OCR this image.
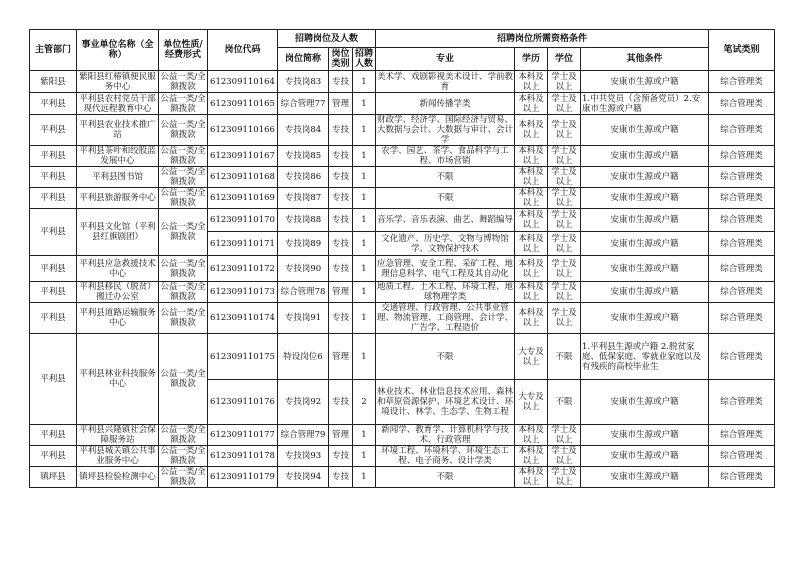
主管部门	事业单位名称（全称）	单位性质/经费形式	岗位代码	招聘岗位及人数			招聘岗位所需资格条件				笔试类别
				岗位简称	岗位类别	招聘人数	专业	学历	学位	其他条件	
紫阳县	紫阳县红椿镇便民服务中心	公益一类/全额拨款	612309110164	专技岗83	专技	1	美术学、戏剧影视美术设计、学前教育	本科及以上	学士及以上	安康市生源或户籍	综合管理类
平利县	平利县农村党员干部现代远程教育中心	公益一类/全额拨款	612309110165	综合管理77	管理	1	新闻传播学类	本科及以上	学士及以上	1.中共党员（含预备党员）2.安康市生源或户籍	综合管理类
平利县	平利县农业技术推广站	公益一类/全额拨款	612309110166	专技岗84	专技	1	财政学、经济学、国际经济与贸易、大数据与会计、大数据与审计、会计学	本科及以上	学士及以上	安康市生源或户籍	综合管理类
平利县	平利县茶叶和绞股蓝发展中心	公益一类/全额拨款	612309110167	专技岗85	专技	1	农学、园艺、茶学、食品科学与工程、市场营销	本科及以上	学士及以上	安康市生源或户籍	综合管理类
平利县	平利县图书馆	公益一类/全额拨款	612309110168	专技岗86	专技	1	不限	本科及以上	学士及以上	安康市生源或户籍	综合管理类
平利县	平利县旅游服务中心	公益一类/全额拨款	612309110169	专技岗87	专技	1	不限	本科及以上	学士及以上	安康市生源或户籍	综合管理类
平利县	平利县文化馆（平利县红旗剧团）	公益一类/全额拨款	612309110170	专技岗88	专技	1	音乐学、音乐表演、曲艺、舞蹈编导	本科及以上	学士及以上	安康市生源或户籍	综合管理类
			612309110171	专技岗89	专技	1	文化遗产、历史学、文物与博物馆学、文物保护技术	本科及以上	学士及以上	安康市生源或户籍	综合管理类
平利县	平利县应急救援技术中心	公益一类/全额拨款	612309110172	专技岗90	专技	1	应急管理、安全工程、采矿工程、地理信息科学、电气工程及其自动化	本科及以上	学士及以上	安康市生源或户籍	综合管理类
平利县	平利县移民（脱贫）搬迁办公室	公益一类/全额拨款	612309110173	综合管理78	管理	1	地质工程、土木工程、环境工程、地球物理学类	本科及以上	学士及以上	安康市生源或户籍	综合管理类
平利县	平利县道路运输服务中心	公益一类/全额拨款	612309110174	专技岗91	专技	1	交通管理、行政管理、公共事业管理、物流管理、工商管理、会计学、广告学、工程造价	本科及以上	学士及以上	安康市生源或户籍	综合管理类
平利县	平利县林业科技服务中心	公益一类/全额拨款	612309110175	特设岗位6	管理	1	不限	大专及以上	不限	1.平利县生源或户籍 2.脱贫家庭、低保家庭、零就业家庭以及有残疾的高校毕业生	综合管理类
			612309110176	专技岗92	专技	2	林业技术、林业信息技术应用、森林和草原资源保护、环境艺术设计、环境设计、林学、生态学、生物工程	大专及以上	不限	安康市生源或户籍	综合管理类
平利县	平利县兴隆镇社会保障服务站	公益一类/全额拨款	612309110177	综合管理79	管理	1	新闻学、教育学、计算机科学与技术、行政管理	本科及以上	学士及以上	安康市生源或户籍	综合管理类
平利县	平利县城关镇公共事业服务中心	公益一类/全额拨款	612309110178	专技岗93	专技	1	环境工程、环境科学、环境生态工程、电子商务、设计学类	本科及以上	学士及以上	安康市生源或户籍	综合管理类
镇坪县	镇坪县检验检测中心	公益一类/全额拨款	612309110179	专技岗94	专技	1	不限	本科及以上	学士及以上	安康市生源或户籍	综合管理类
